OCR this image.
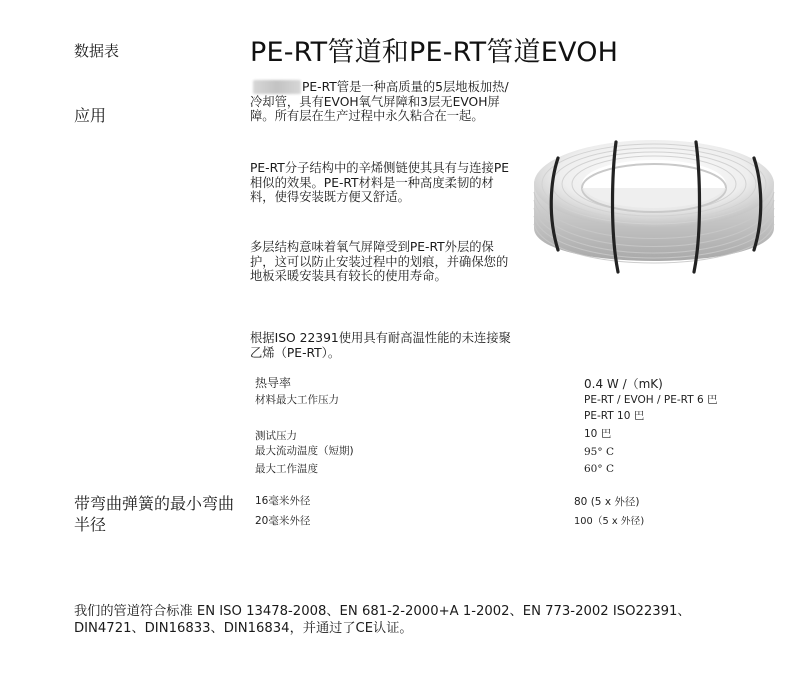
数据表	PE-RT管道和PE-RT管道EVOH
应用
带弯曲弹簧的最小弯曲半径
PE-RT管是一种高质量的5层地板加热/冷却管，具有EVOH氧气屏障和3层无EVOH屏障。所有层在生产过程中永久粘合在一起。
PE-RT分子结构中的辛烯侧链使其具有与连接PE相似的效果。PE-RT材料是一种高度柔韧的材料，使得安装既方便又舒适。
多层结构意味着氧气屏障受到PE-RT外层的保护，这可以防止安装过程中的划痕，并确保您的地板采暖安装具有较长的使用寿命。
根据ISO 22391使用具有耐高温性能的未连接聚乙烯（PE-RT）。
热导率	0.4 W /（mK)
材料最大工作压力	PE-RT / EVOH / PE-RT 6 巴
PE-RT 10 巴
测试压力	10 巴
最大流动温度（短期)	95° C
最大工作温度	60° C
16毫米外径	80 (5 x 外径)
20毫米外径	100（5 x 外径)
我们的管道符合标准 EN ISO 13478-2008、EN 681-2-2000+A 1-2002、EN 773-2002 ISO22391、DIN4721、DIN16833、DIN16834，并通过了CE认证。
